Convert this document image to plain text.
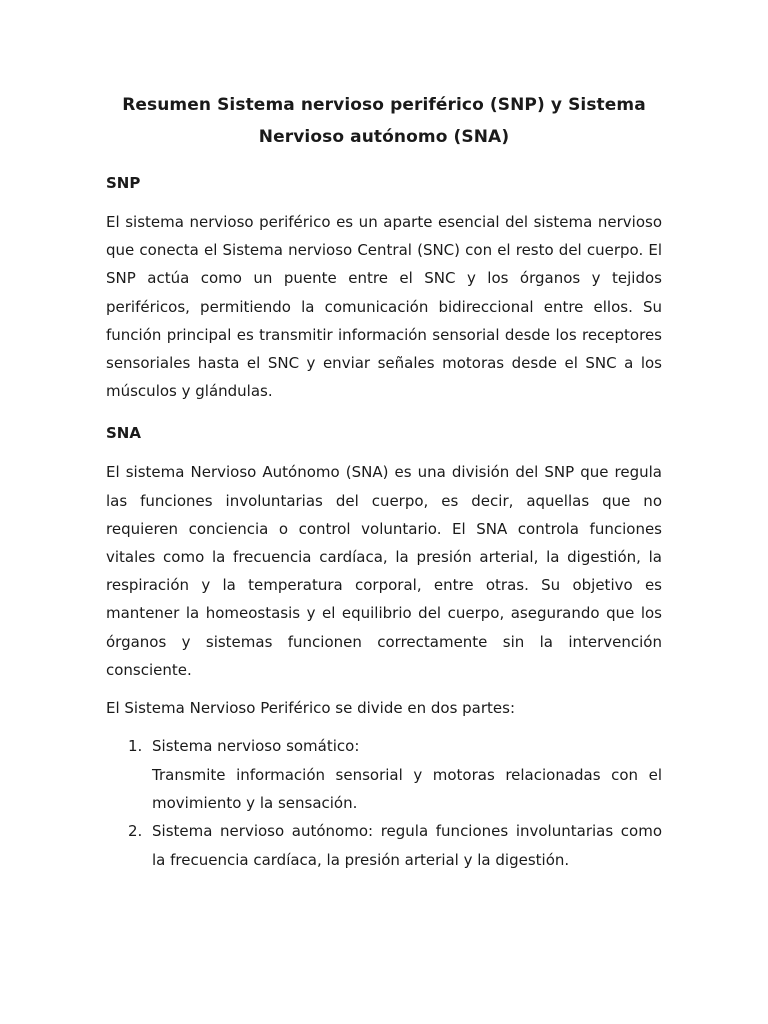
Resumen Sistema nervioso periférico (SNP) y Sistema Nervioso autónomo (SNA)
SNP

El sistema nervioso periférico es un aparte esencial del sistema nervioso que conecta el Sistema nervioso Central (SNC) con el resto del cuerpo. El SNP actúa como un puente entre el SNC y los órganos y tejidos periféricos, permitiendo la comunicación bidireccional entre ellos. Su función principal es transmitir información sensorial desde los receptores sensoriales hasta el SNC y enviar señales motoras desde el SNC a los músculos y glándulas.

SNA

El sistema Nervioso Autónomo (SNA) es una división del SNP que regula las funciones involuntarias del cuerpo, es decir, aquellas que no requieren conciencia o control voluntario. El SNA controla funciones vitales como la frecuencia cardíaca, la presión arterial, la digestión, la respiración y la temperatura corporal, entre otras. Su objetivo es mantener la homeostasis y el equilibrio del cuerpo, asegurando que los órganos y sistemas funcionen correctamente sin la intervención consciente.

El Sistema Nervioso Periférico se divide en dos partes:

1. Sistema nervioso somático:
Transmite información sensorial y motoras relacionadas con el movimiento y la sensación.
2. Sistema nervioso autónomo: regula funciones involuntarias como la frecuencia cardíaca, la presión arterial y la digestión.
